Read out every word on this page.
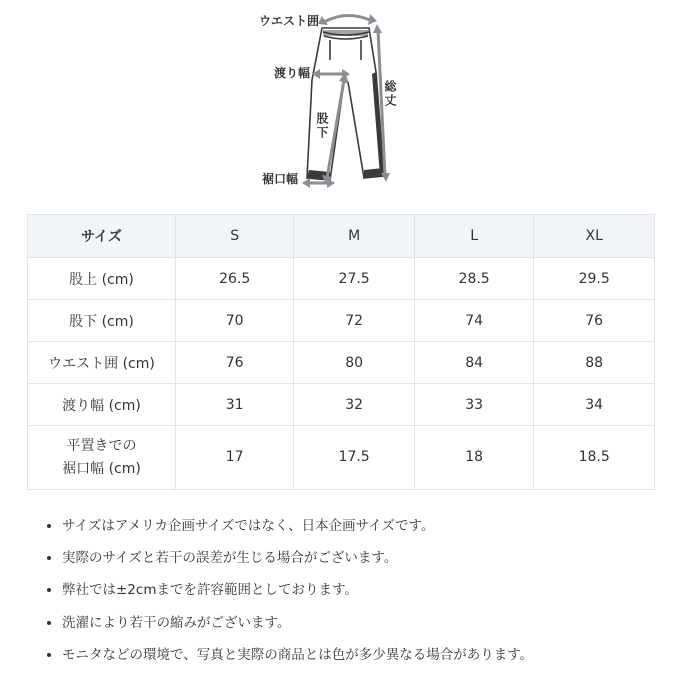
ウエスト囲
渡り幅
股下
総丈
裾口幅
サイズ	S	M	L	XL
股上 (cm)	26.5	27.5	28.5	29.5
股下 (cm)	70	72	74	76
ウエスト囲 (cm)	76	80	84	88
渡り幅 (cm)	31	32	33	34
平置きでの
裾口幅 (cm)	17	17.5	18	18.5
• サイズはアメリカ企画サイズではなく、日本企画サイズです。
• 実際のサイズと若干の誤差が生じる場合がございます。
• 弊社では±2cmまでを許容範囲としております。
• 洗濯により若干の縮みがございます。
• モニタなどの環境で、写真と実際の商品とは色が多少異なる場合があります。
